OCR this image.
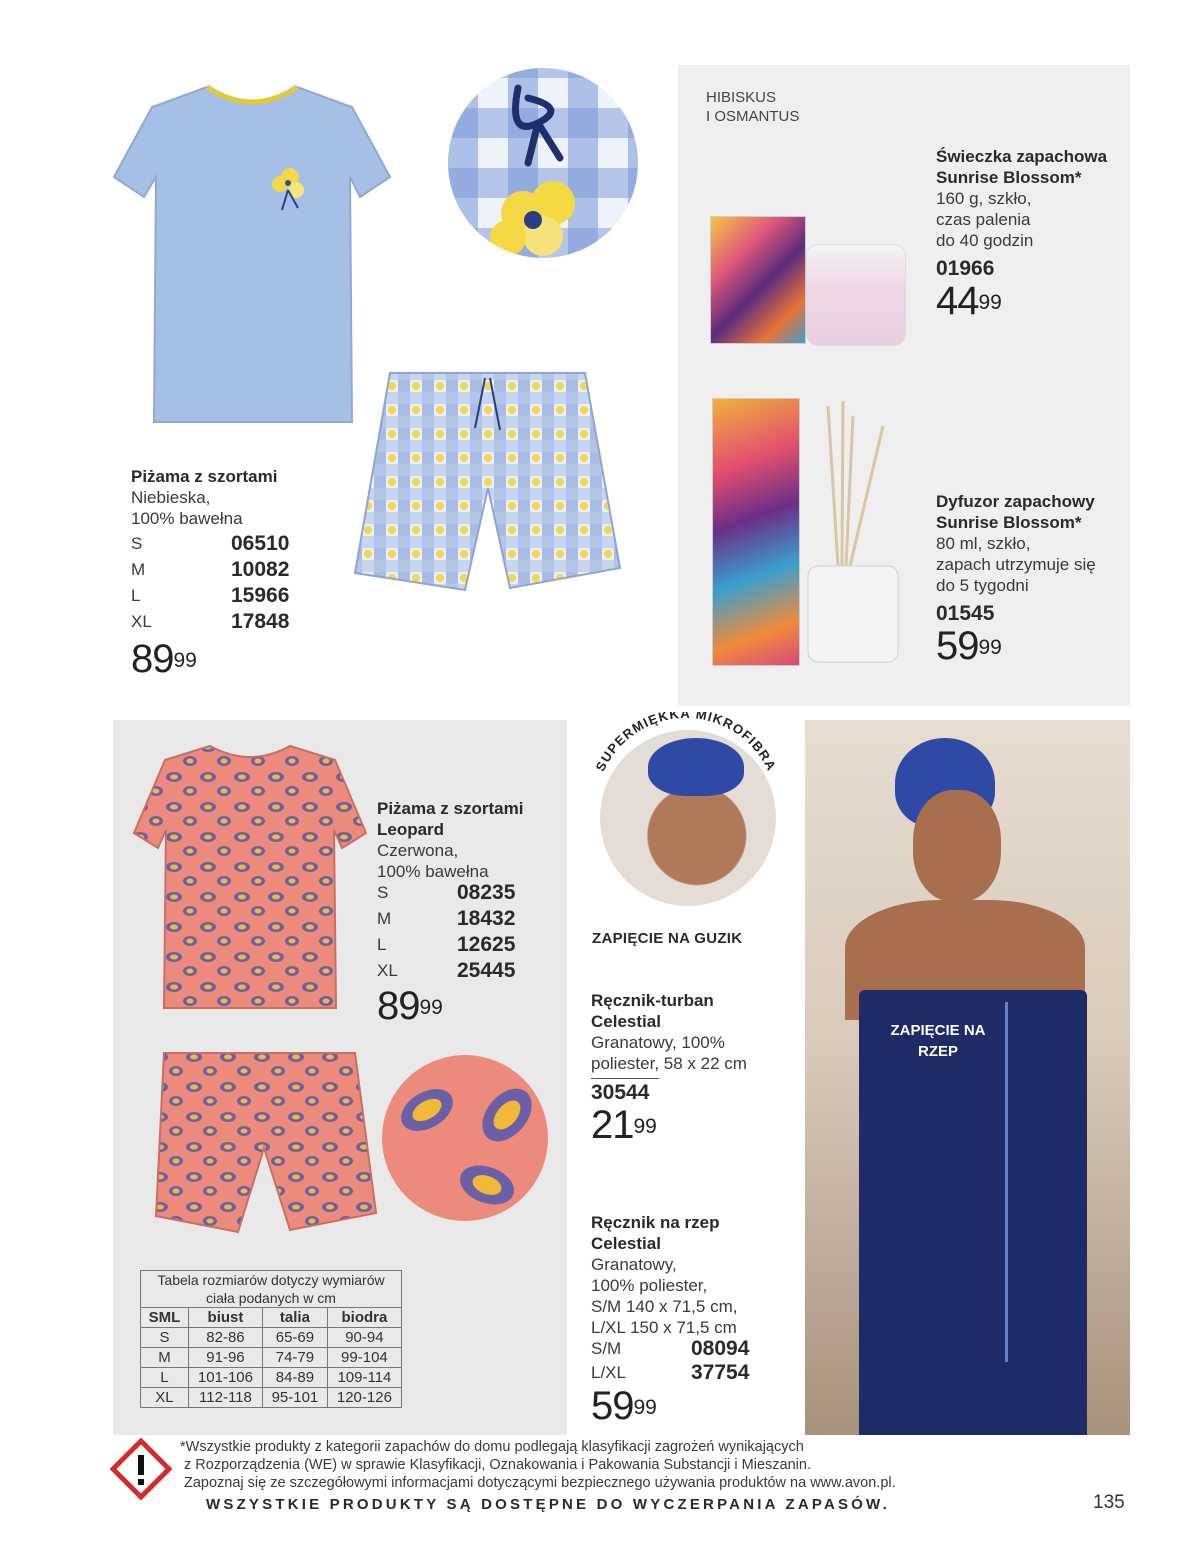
Piżama z szortami
Niebieska,
100% bawełna
S	06510
M	10082
L	15966
XL	17848
$89^{99}$
HIBISKUS
I OSMANTUS
Świeczka zapachowa
Sunrise Blossom*
160 g, szkło,
czas palenia
do 40 godzin
01966
$44^{99}$
Dyfuzor zapachowy
Sunrise Blossom*
80 ml, szkło,
zapach utrzymuje się
do 5 tygodni
01545
$59^{99}$
Piżama z szortami
Leopard
Czerwona,
100% bawełna
S	08235
M	18432
L	12625
XL	25445
$89^{99}$
Tabela rozmiarów dotyczy wymiarów
ciała podanych w cm
SML	biust	talia	biodra
S	82-86	65-69	90-94
M	91-96	74-79	99-104
L	101-106	84-89	109-114
XL	112-118	95-101	120-126
SUPERMIĘKKA MIKROFIBRA
ZAPIĘCIE NA GUZIK
Ręcznik-turban
Celestial
Granatowy, 100%
poliester, 58 x 22 cm
30544
$21^{99}$
Ręcznik na rzep
Celestial
Granatowy,
100% poliester,
S/M 140 x 71,5 cm,
L/XL 150 x 71,5 cm
S/M	08094
L/XL	37754
$59^{99}$
ZAPIĘCIE NA
RZEP
*Wszystkie produkty z kategorii zapachów do domu podlegają klasyfikacji zagrożeń wynikających
z Rozporządzenia (WE) w sprawie Klasyfikacji, Oznakowania i Pakowania Substancji i Mieszanin.
Zapoznaj się ze szczegółowymi informacjami dotyczącymi bezpiecznego używania produktów na www.avon.pl.
WSZYSTKIE PRODUKTY SĄ DOSTĘPNE DO WYCZERPANIA ZAPASÓW.	135
